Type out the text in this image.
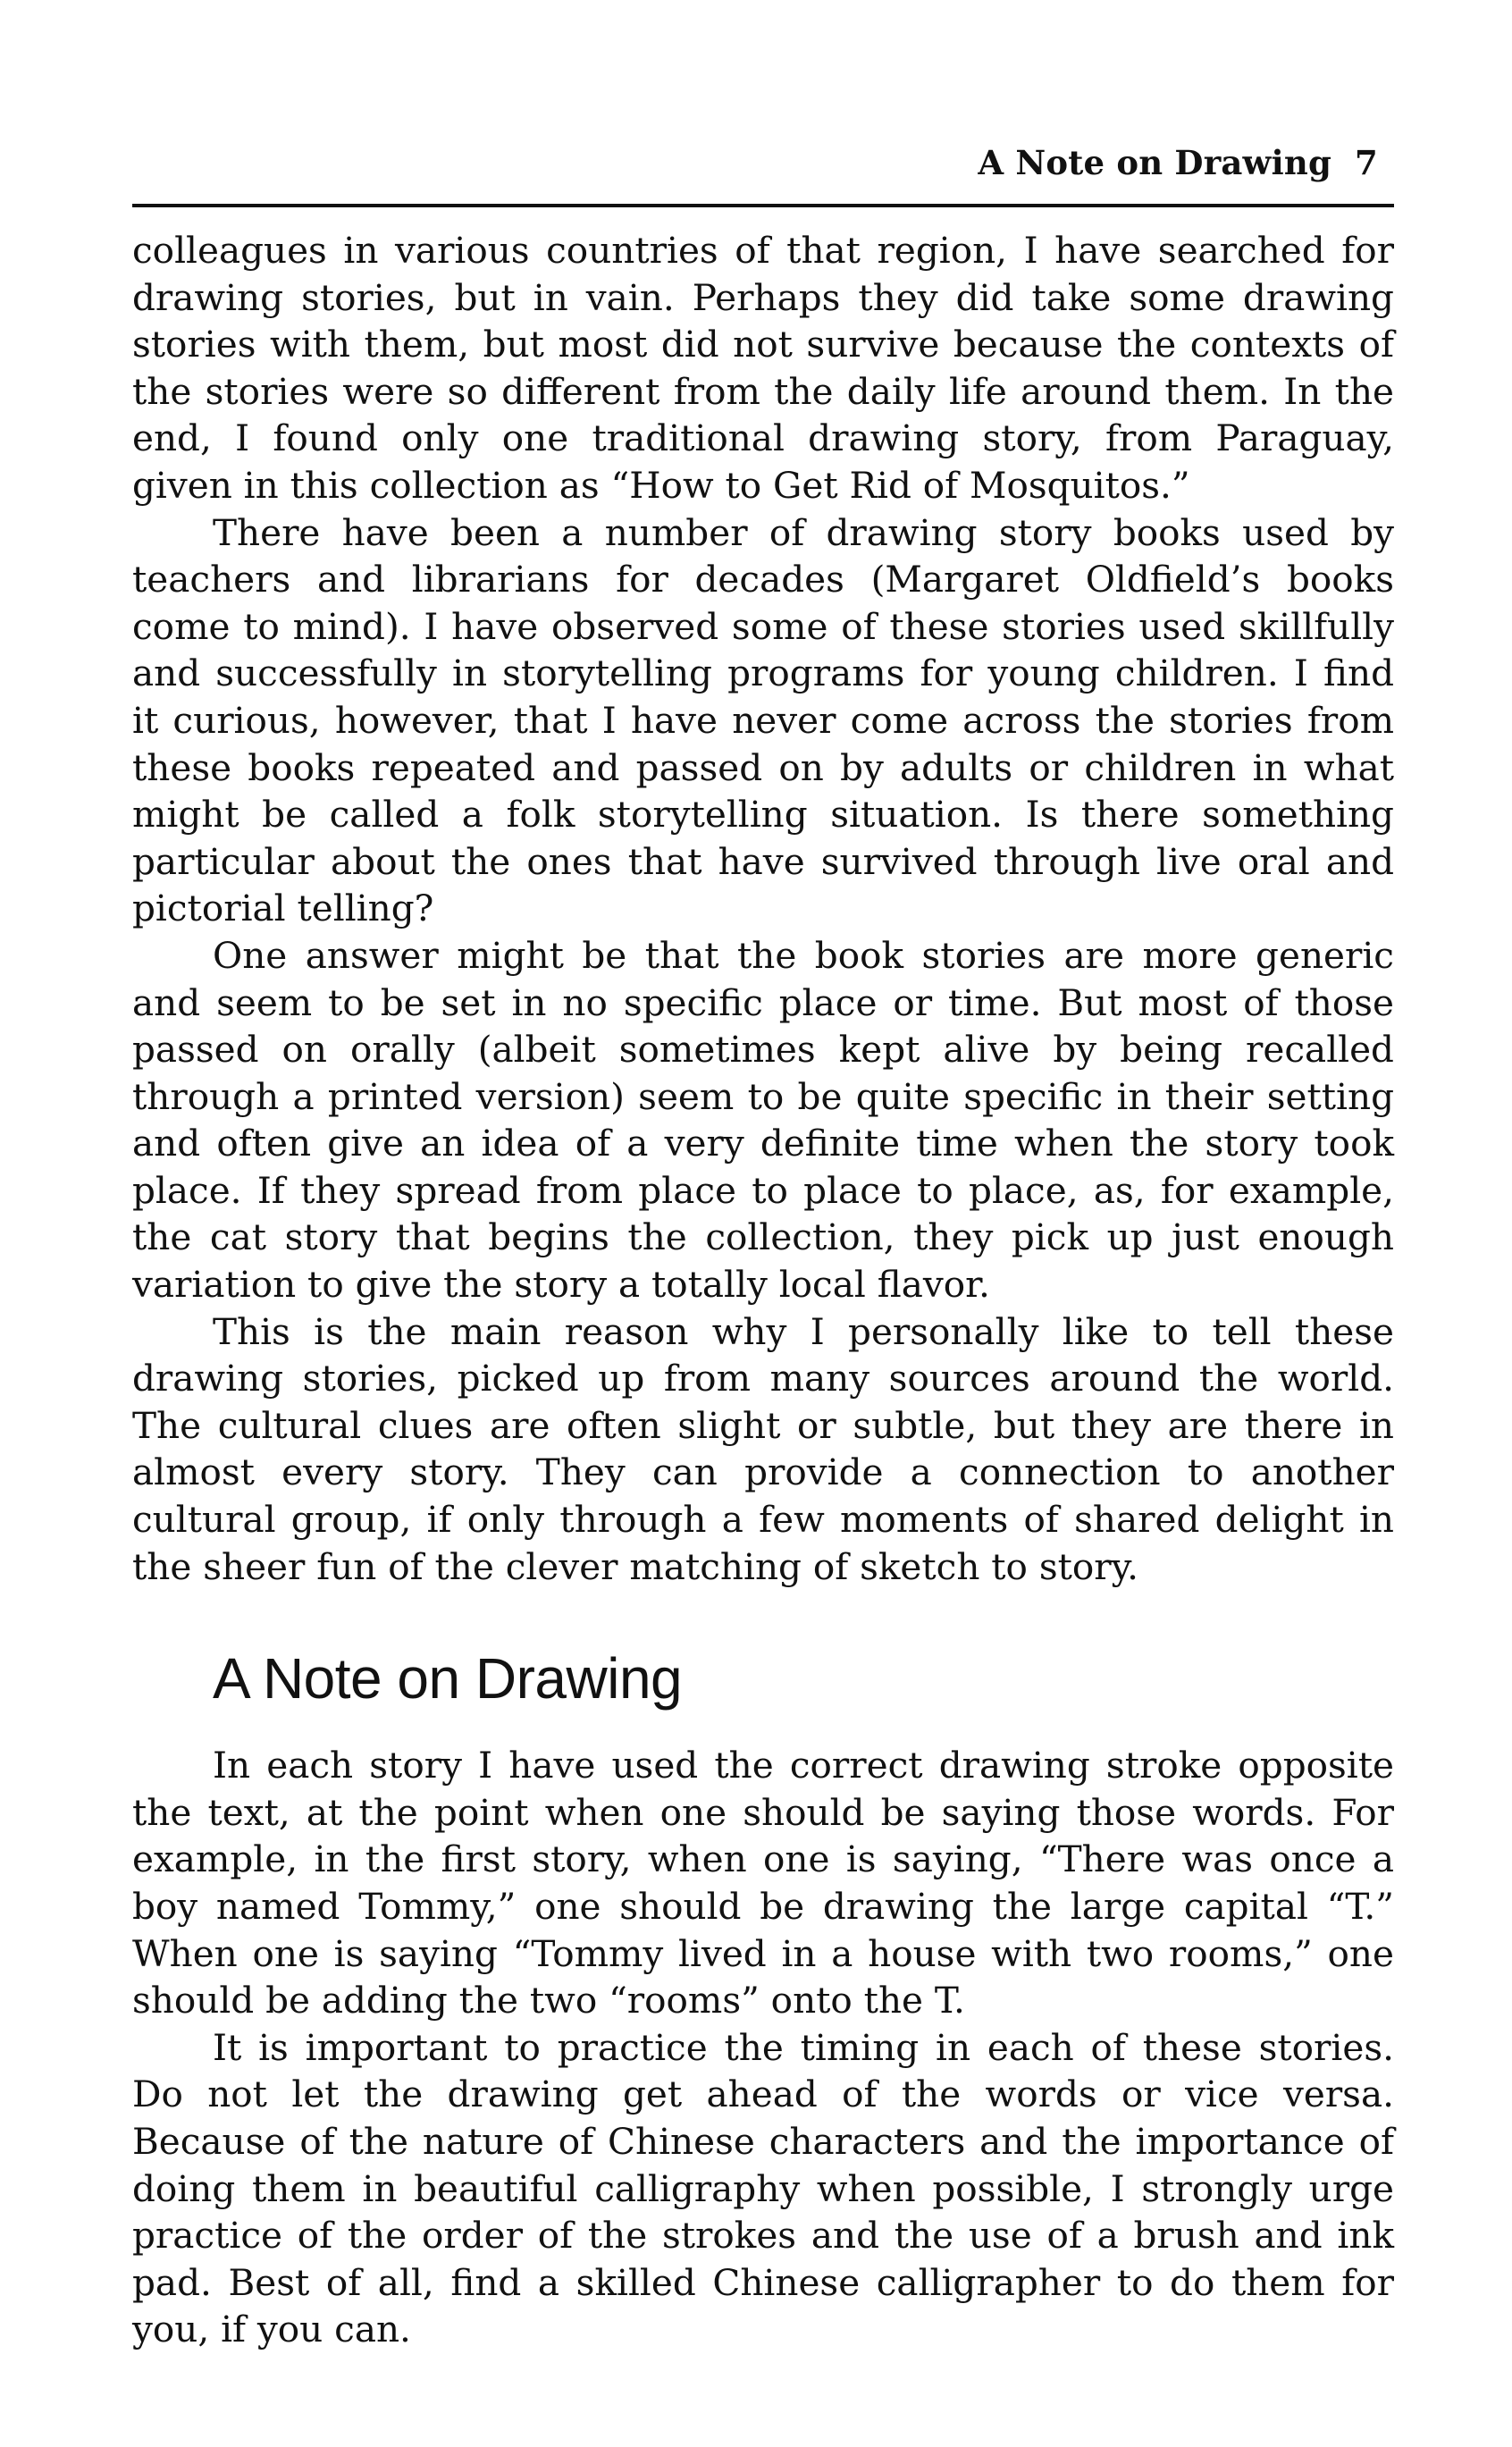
A Note on Drawing 7

colleagues in various countries of that region, I have searched for drawing stories, but in vain. Perhaps they did take some drawing stories with them, but most did not survive because the contexts of the stories were so different from the daily life around them. In the end, I found only one traditional drawing story, from Paraguay, given in this collection as “How to Get Rid of Mosquitos.”

There have been a number of drawing story books used by teachers and librarians for decades (Margaret Oldfield’s books come to mind). I have observed some of these stories used skillfully and successfully in storytelling programs for young children. I find it curious, however, that I have never come across the stories from these books repeated and passed on by adults or children in what might be called a folk storytelling situation. Is there something particular about the ones that have survived through live oral and pictorial telling?

One answer might be that the book stories are more generic and seem to be set in no specific place or time. But most of those passed on orally (albeit sometimes kept alive by being recalled through a printed version) seem to be quite specific in their setting and often give an idea of a very definite time when the story took place. If they spread from place to place to place, as, for example, the cat story that begins the collection, they pick up just enough variation to give the story a totally local flavor.

This is the main reason why I personally like to tell these drawing stories, picked up from many sources around the world. The cultural clues are often slight or subtle, but they are there in almost every story. They can provide a connection to another cultural group, if only through a few moments of shared delight in the sheer fun of the clever matching of sketch to story.

A Note on Drawing

In each story I have used the correct drawing stroke opposite the text, at the point when one should be saying those words. For example, in the first story, when one is saying, “There was once a boy named Tommy,” one should be drawing the large capital “T.” When one is saying “Tommy lived in a house with two rooms,” one should be adding the two “rooms” onto the T.

It is important to practice the timing in each of these stories. Do not let the drawing get ahead of the words or vice versa. Because of the nature of Chinese characters and the importance of doing them in beautiful calligraphy when possible, I strongly urge practice of the order of the strokes and the use of a brush and ink pad. Best of all, find a skilled Chinese calligrapher to do them for you, if you can.
